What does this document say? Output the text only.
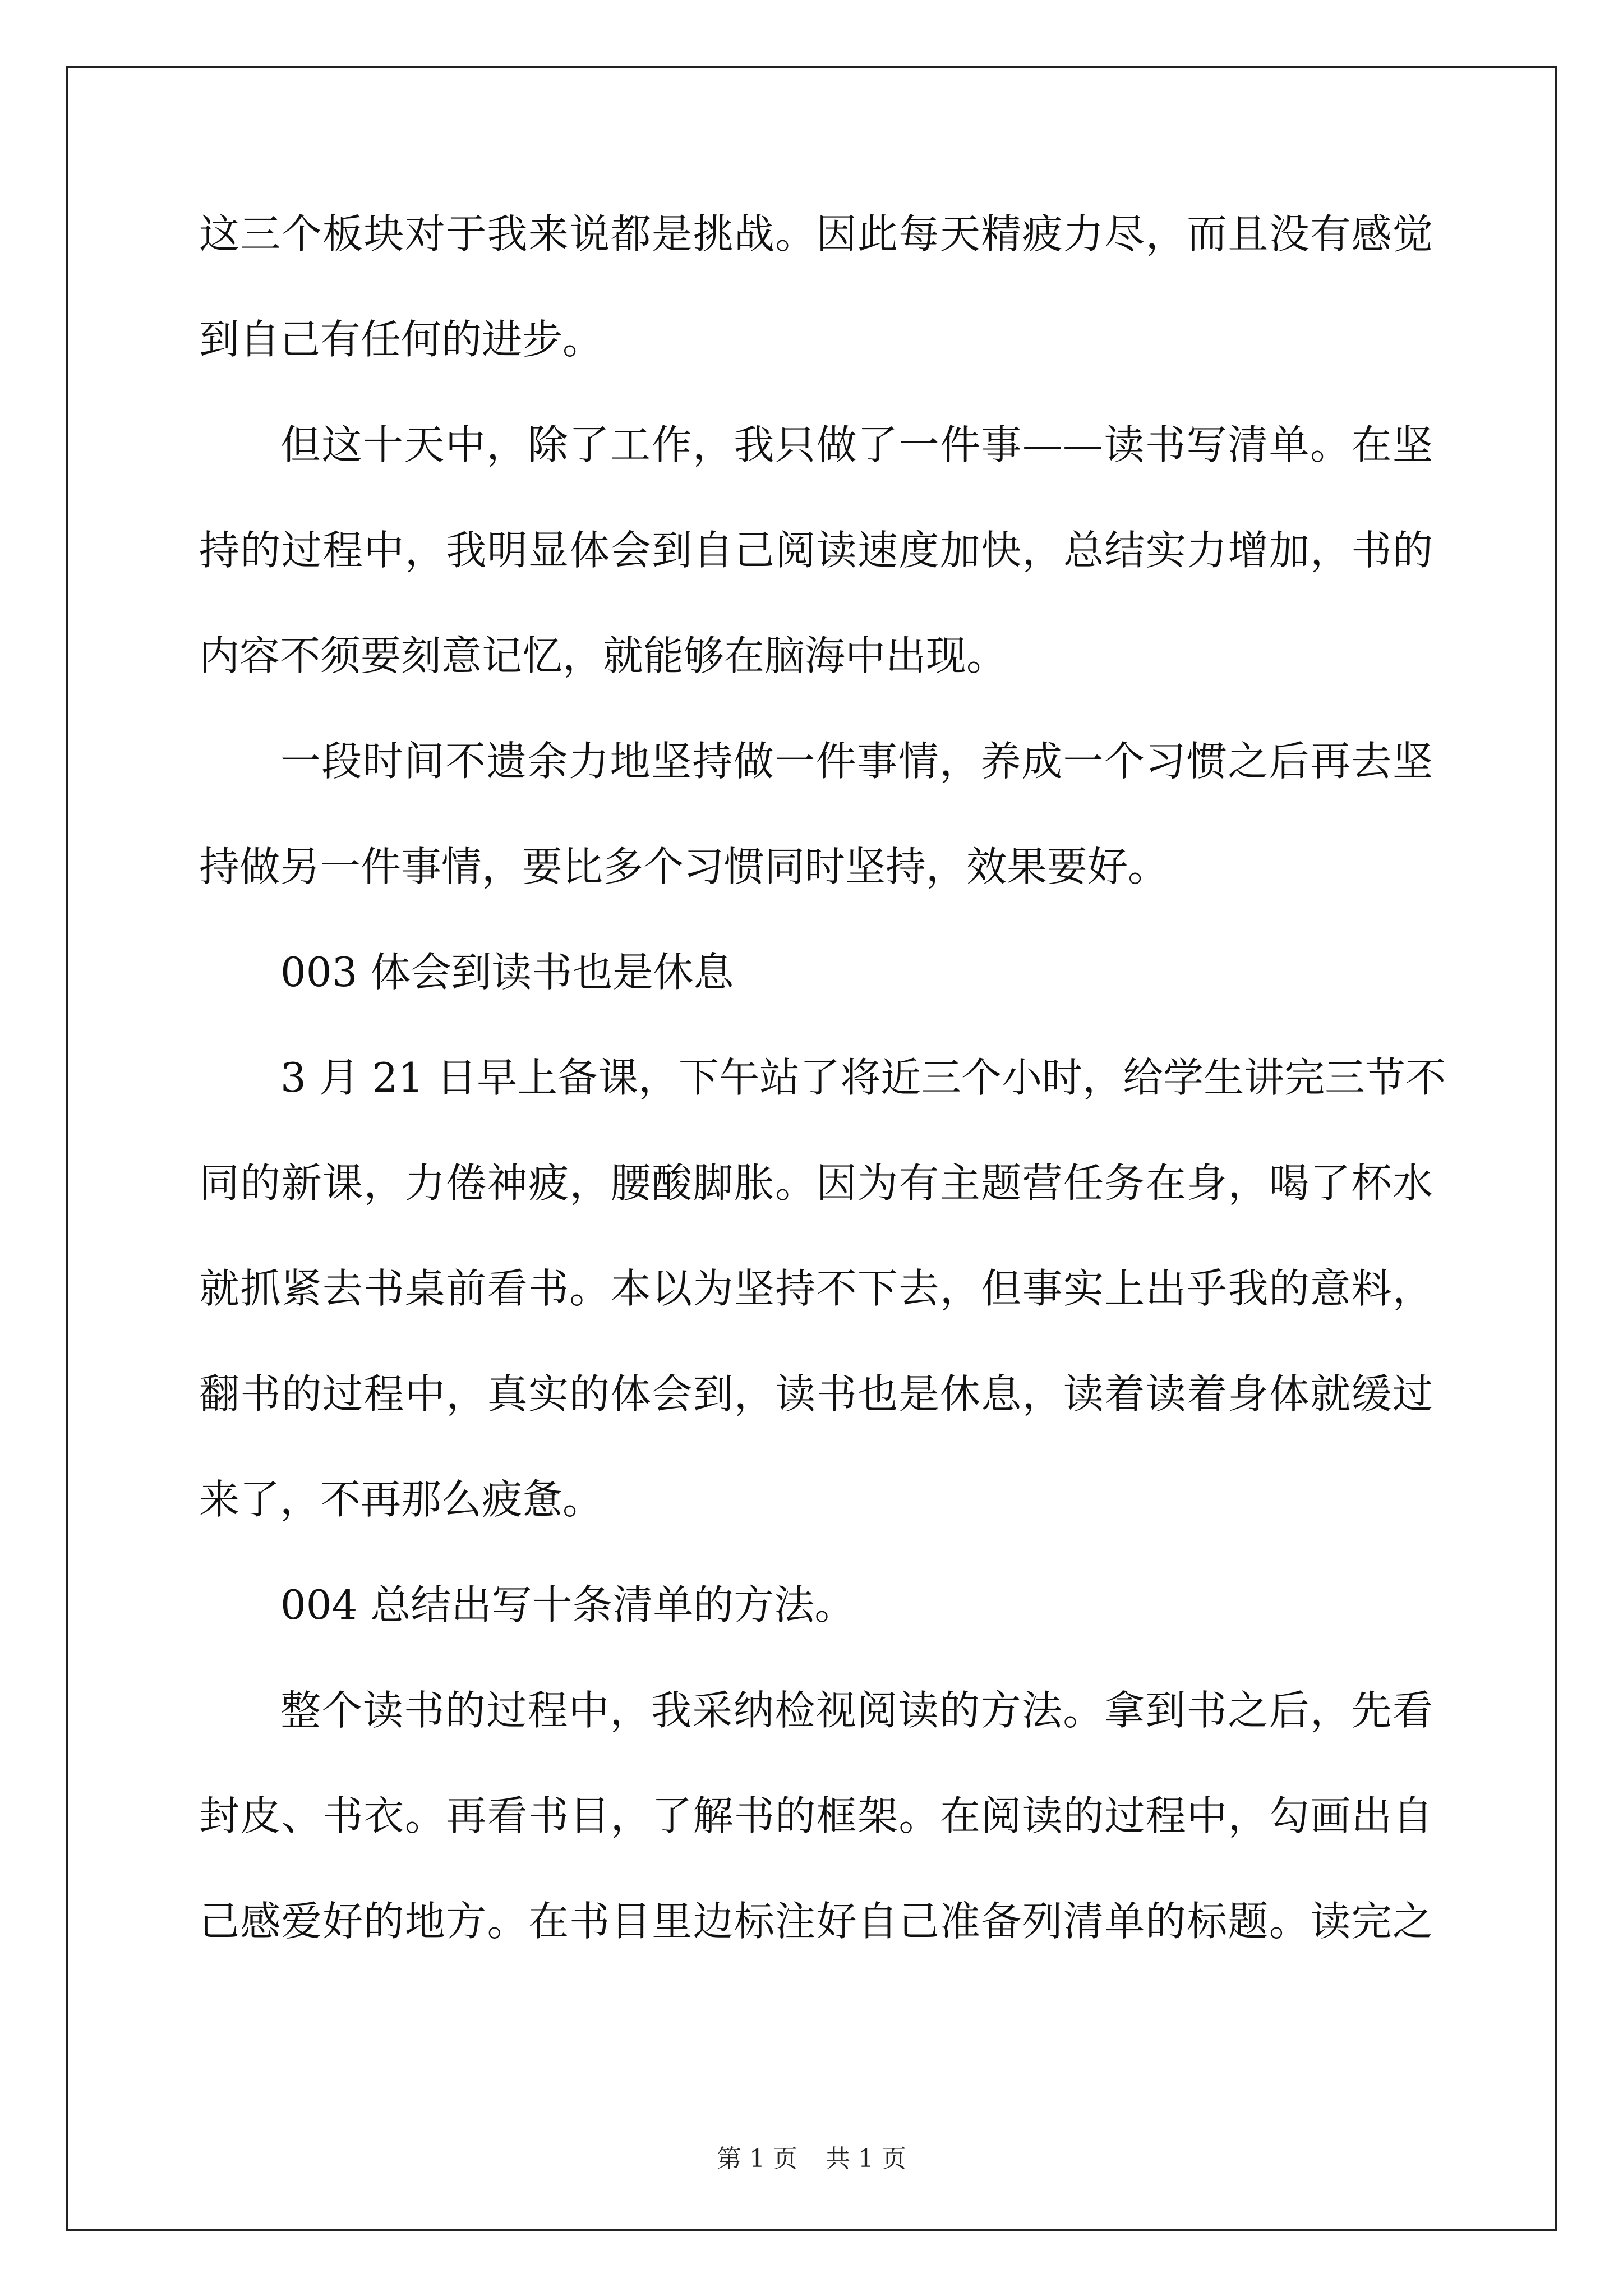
这三个板块对于我来说都是挑战。因此每天精疲力尽，而且没有感觉
到自己有任何的进步。
但这十天中，除了工作，我只做了一件事——读书写清单。在坚
持的过程中，我明显体会到自己阅读速度加快，总结实力增加，书的
内容不须要刻意记忆，就能够在脑海中出现。
一段时间不遗余力地坚持做一件事情，养成一个习惯之后再去坚
持做另一件事情，要比多个习惯同时坚持，效果要好。
003 体会到读书也是休息
3 月 21 日早上备课，下午站了将近三个小时，给学生讲完三节不
同的新课，力倦神疲，腰酸脚胀。因为有主题营任务在身，喝了杯水
就抓紧去书桌前看书。本以为坚持不下去，但事实上出乎我的意料，
翻书的过程中，真实的体会到，读书也是休息，读着读着身体就缓过
来了，不再那么疲惫。
004 总结出写十条清单的方法。
整个读书的过程中，我采纳检视阅读的方法。拿到书之后，先看
封皮、书衣。再看书目，了解书的框架。在阅读的过程中，勾画出自
己感爱好的地方。在书目里边标注好自己准备列清单的标题。读完之
第 1 页 共 1 页
